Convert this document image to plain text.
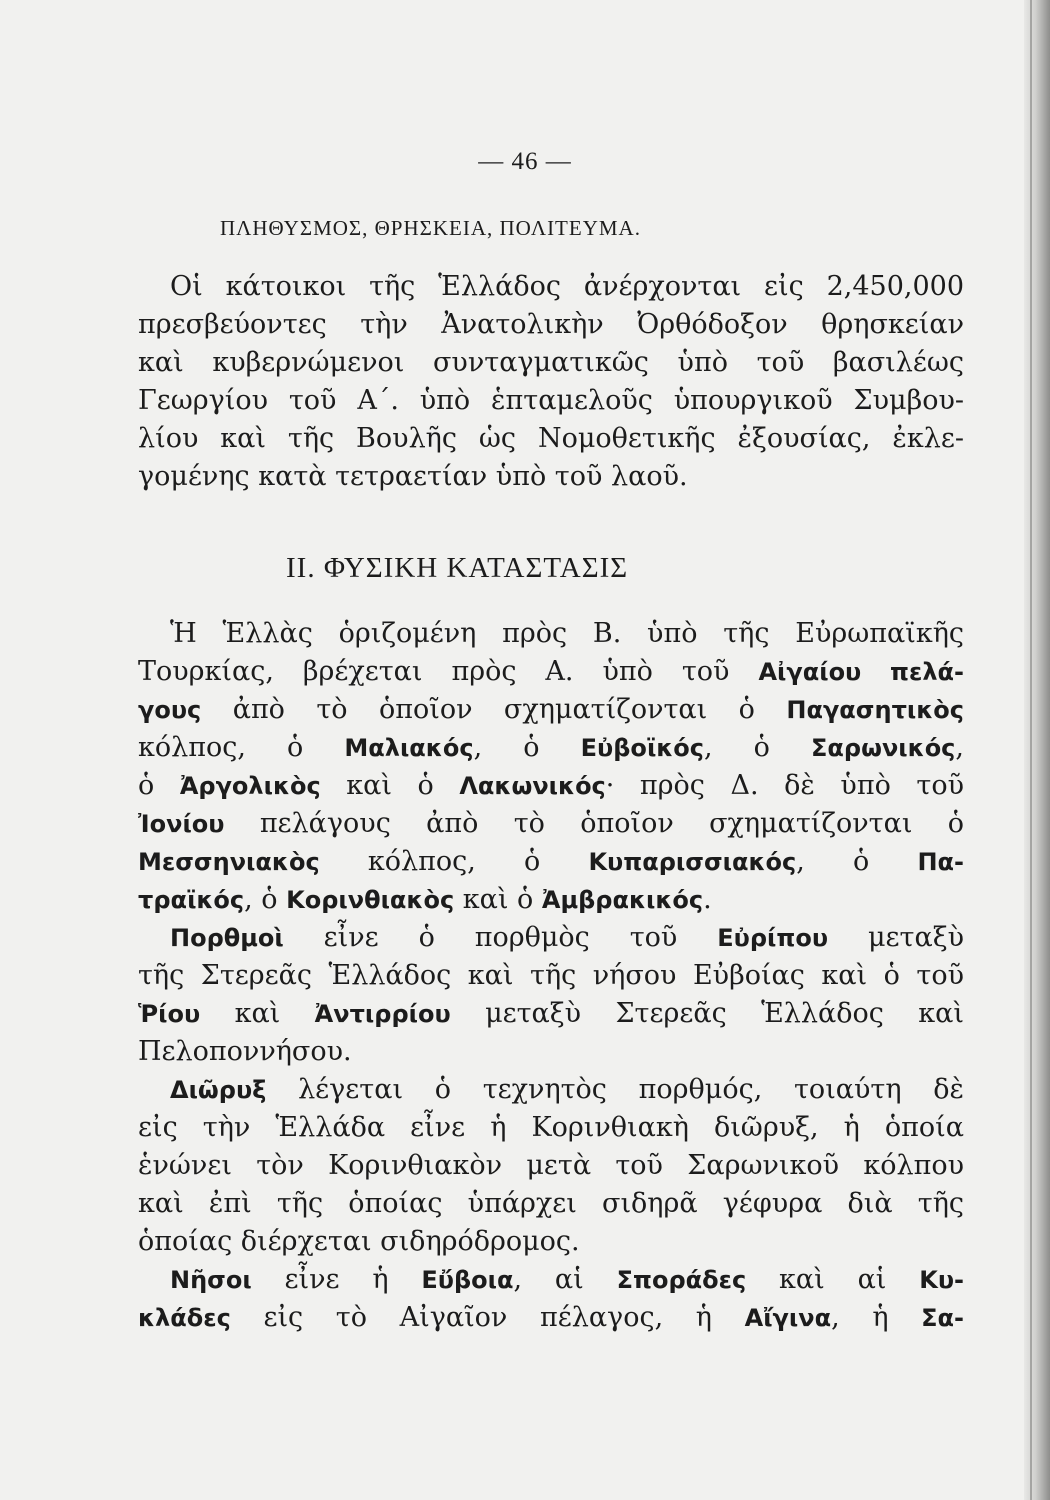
— 46 —
ΠΛΗΘΥΣΜΟΣ, ΘΡΗΣΚΕΙΑ, ΠΟΛΙΤΕΥΜΑ.
Οἱ κάτοικοι τῆς Ἑλλάδος ἀνέρχονται εἰς 2,450,000
πρεσβεύοντες τὴν Ἀνατολικὴν Ὀρθόδοξον θρησκείαν
καὶ κυβερνώμενοι συνταγματικῶς ὑπὸ τοῦ βασιλέως
Γεωργίου τοῦ Α΄. ὑπὸ ἑπταμελοῦς ὑπουργικοῦ Συμβου-
λίου καὶ τῆς Βουλῆς ὡς Νομοθετικῆς ἐξουσίας, ἐκλε-
γομένης κατὰ τετραετίαν ὑπὸ τοῦ λαοῦ.
II. ΦΥΣΙΚΗ ΚΑΤΑΣΤΑΣΙΣ
Ἡ Ἑλλὰς ὁριζομένη πρὸς Β. ὑπὸ τῆς Εὐρωπαϊκῆς
Τουρκίας, βρέχεται πρὸς Α. ὑπὸ τοῦ Αἰγαίου πελά-
γους ἀπὸ τὸ ὁποῖον σχηματίζονται ὁ Παγασητικὸς
κόλπος, ὁ Μαλιακός, ὁ Εὐβοϊκός, ὁ Σαρωνικός,
ὁ Ἀργολικὸς καὶ ὁ Λακωνικός· πρὸς Δ. δὲ ὑπὸ τοῦ
Ἰονίου πελάγους ἀπὸ τὸ ὁποῖον σχηματίζονται ὁ
Μεσσηνιακὸς κόλπος, ὁ Κυπαρισσιακός, ὁ Πα-
τραϊκός, ὁ Κορινθιακὸς καὶ ὁ Ἀμβρακικός.
Πορθμοὶ εἶνε ὁ πορθμὸς τοῦ Εὐρίπου μεταξὺ
τῆς Στερεᾶς Ἑλλάδος καὶ τῆς νήσου Εὐβοίας καὶ ὁ τοῦ
Ῥίου καὶ Ἀντιρρίου μεταξὺ Στερεᾶς Ἑλλάδος καὶ
Πελοποννήσου.
Διῶρυξ λέγεται ὁ τεχνητὸς πορθμός, τοιαύτη δὲ
εἰς τὴν Ἑλλάδα εἶνε ἡ Κορινθιακὴ διῶρυξ, ἡ ὁποία
ἑνώνει τὸν Κορινθιακὸν μετὰ τοῦ Σαρωνικοῦ κόλπου
καὶ ἐπὶ τῆς ὁποίας ὑπάρχει σιδηρᾶ γέφυρα διὰ τῆς
ὁποίας διέρχεται σιδηρόδρομος.
Νῆσοι εἶνε ἡ Εὔβοια, αἱ Σποράδες καὶ αἱ Κυ-
κλάδες εἰς τὸ Αἰγαῖον πέλαγος, ἡ Αἴγινα, ἡ Σα-
